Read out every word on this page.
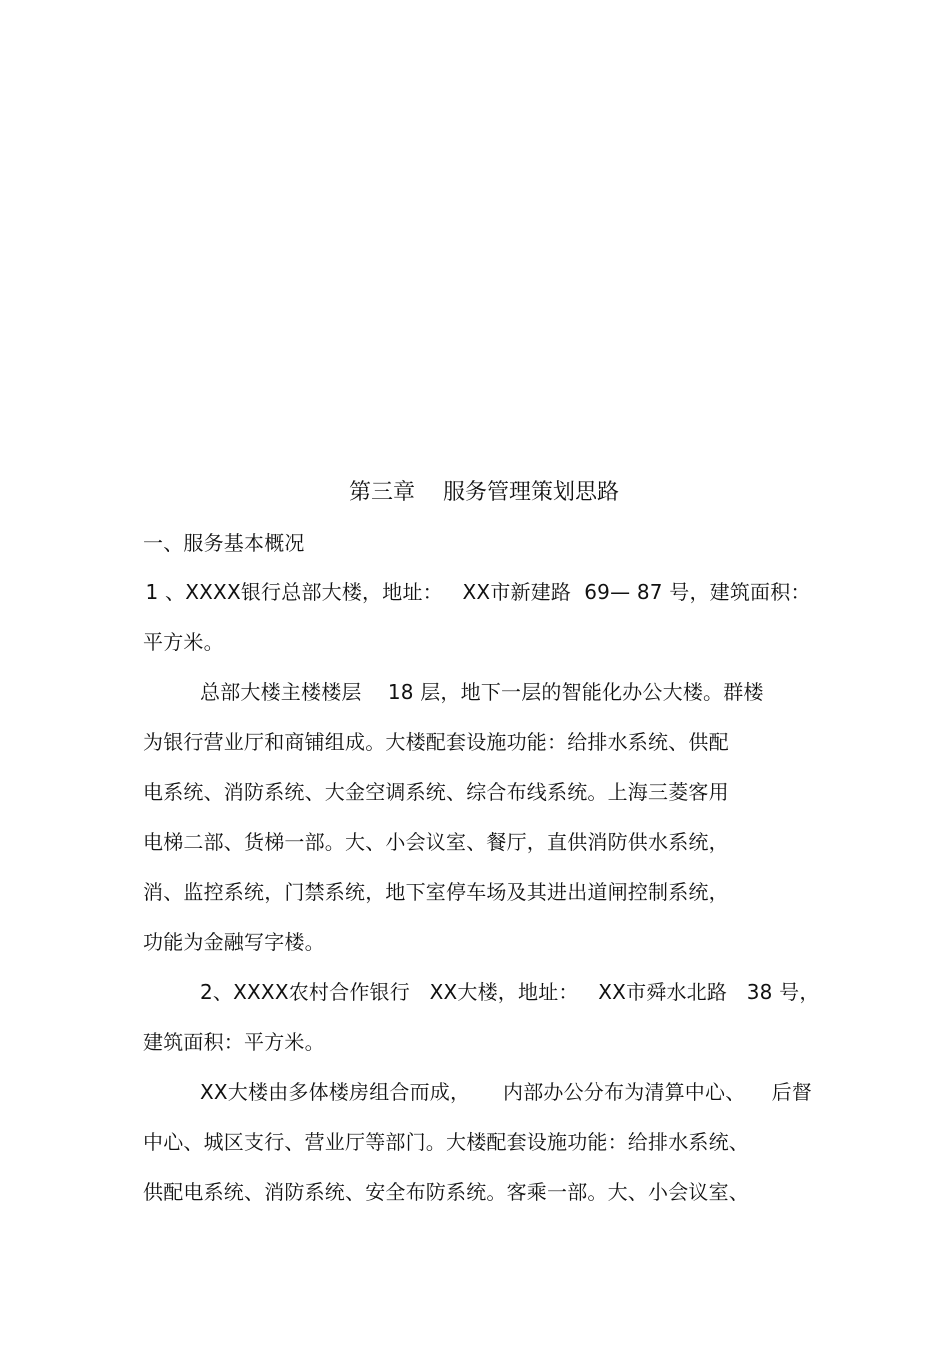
第三章    服务管理策划思路
一、服务基本概况
1 、XXXX银行总部大楼，地址：   XX市新建路  69— 87 号，建筑面积：
平方米。
总部大楼主楼楼层    18 层，地下一层的智能化办公大楼。群楼
为银行营业厅和商铺组成。大楼配套设施功能：给排水系统、供配
电系统、消防系统、大金空调系统、综合布线系统。上海三菱客用
电梯二部、货梯一部。大、小会议室、餐厅，直供消防供水系统，
消、监控系统，门禁系统，地下室停车场及其进出道闸控制系统，
功能为金融写字楼。
2、XXXX农村合作银行   XX大楼，地址：   XX市舜水北路   38 号，
建筑面积：平方米。
XX大楼由多体楼房组合而成，     内部办公分布为清算中心、    后督
中心、城区支行、营业厅等部门。大楼配套设施功能：给排水系统、
供配电系统、消防系统、安全布防系统。客乘一部。大、小会议室、
